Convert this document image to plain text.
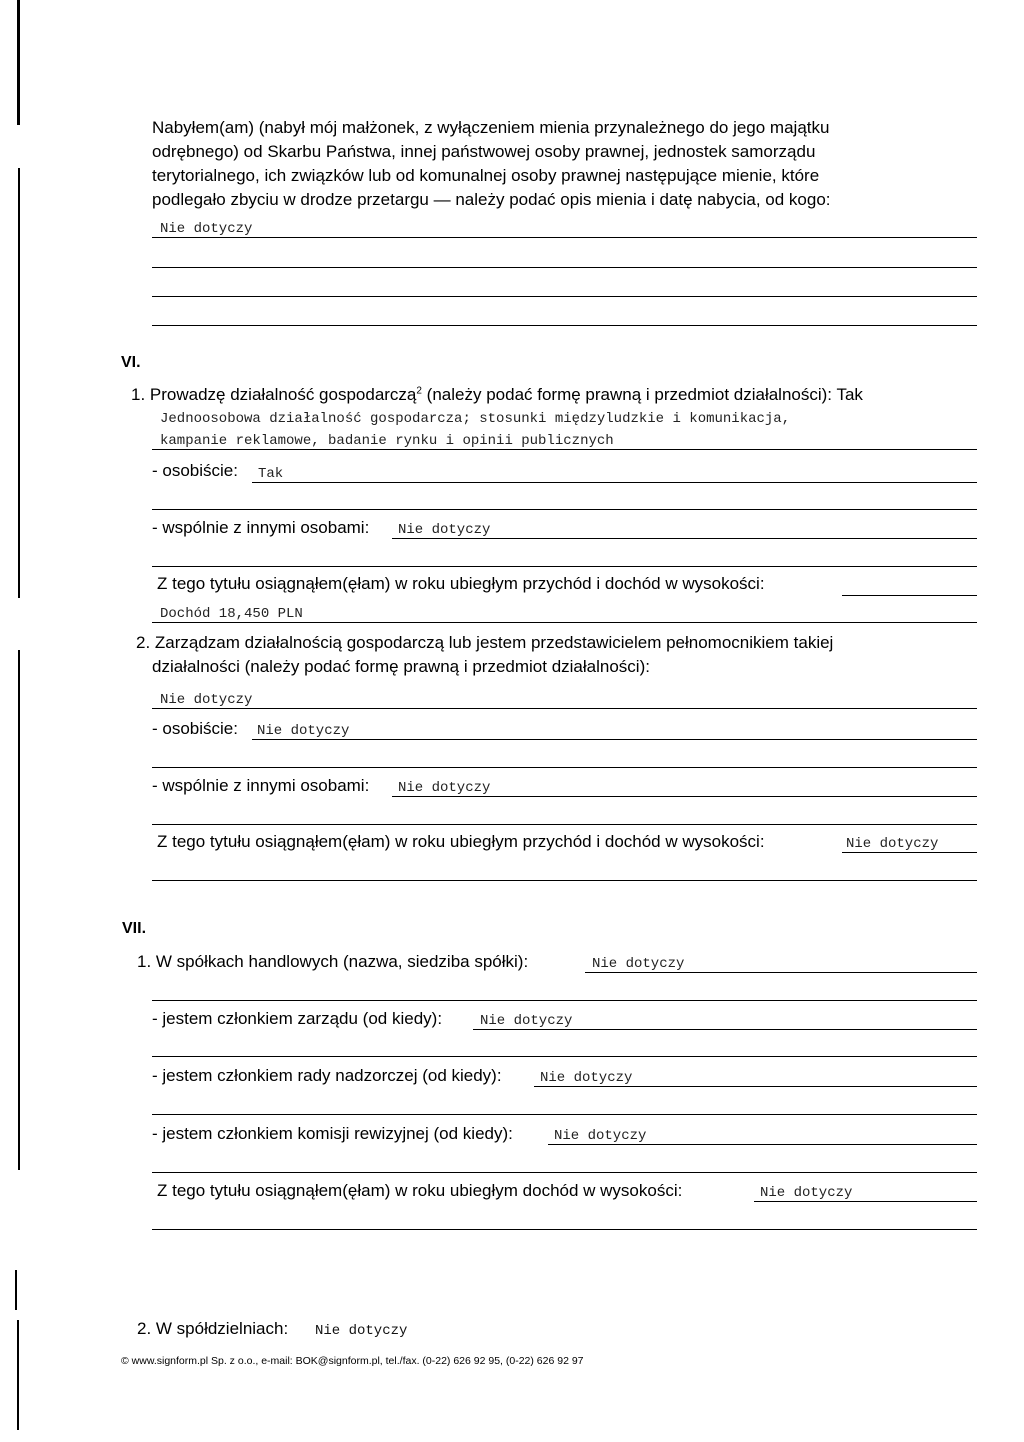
Nabyłem(am) (nabył mój małżonek, z wyłączeniem mienia przynależnego do jego majątku
odrębnego) od Skarbu Państwa, innej państwowej osoby prawnej, jednostek samorządu
terytorialnego, ich związków lub od komunalnej osoby prawnej następujące mienie, które
podlegało zbyciu w drodze przetargu — należy podać opis mienia i datę nabycia, od kogo:
Nie dotyczy
VI.
1. Prowadzę działalność gospodarczą$^2$ (należy podać formę prawną i przedmiot działalności): Tak
Jednoosobowa działalność gospodarcza; stosunki międzyludzkie i komunikacja,
kampanie reklamowe, badanie rynku i opinii publicznych
- osobiście: Tak
- wspólnie z innymi osobami: Nie dotyczy
Z tego tytułu osiągnąłem(ęłam) w roku ubiegłym przychód i dochód w wysokości:
Dochód 18,450 PLN
2. Zarządzam działalnością gospodarczą lub jestem przedstawicielem pełnomocnikiem takiej
działalności (należy podać formę prawną i przedmiot działalności):
Nie dotyczy
- osobiście: Nie dotyczy
- wspólnie z innymi osobami: Nie dotyczy
Z tego tytułu osiągnąłem(ęłam) w roku ubiegłym przychód i dochód w wysokości:	Nie dotyczy
VII.
1. W spółkach handlowych (nazwa, siedziba spółki):	Nie dotyczy
- jestem członkiem zarządu (od kiedy):	Nie dotyczy
- jestem członkiem rady nadzorczej (od kiedy):	Nie dotyczy
- jestem członkiem komisji rewizyjnej (od kiedy):	Nie dotyczy
Z tego tytułu osiągnąłem(ęłam) w roku ubiegłym dochód w wysokości:	Nie dotyczy
2. W spółdzielniach: Nie dotyczy
© www.signform.pl Sp. z o.o., e-mail: BOK@signform.pl, tel./fax. (0-22) 626 92 95, (0-22) 626 92 97
